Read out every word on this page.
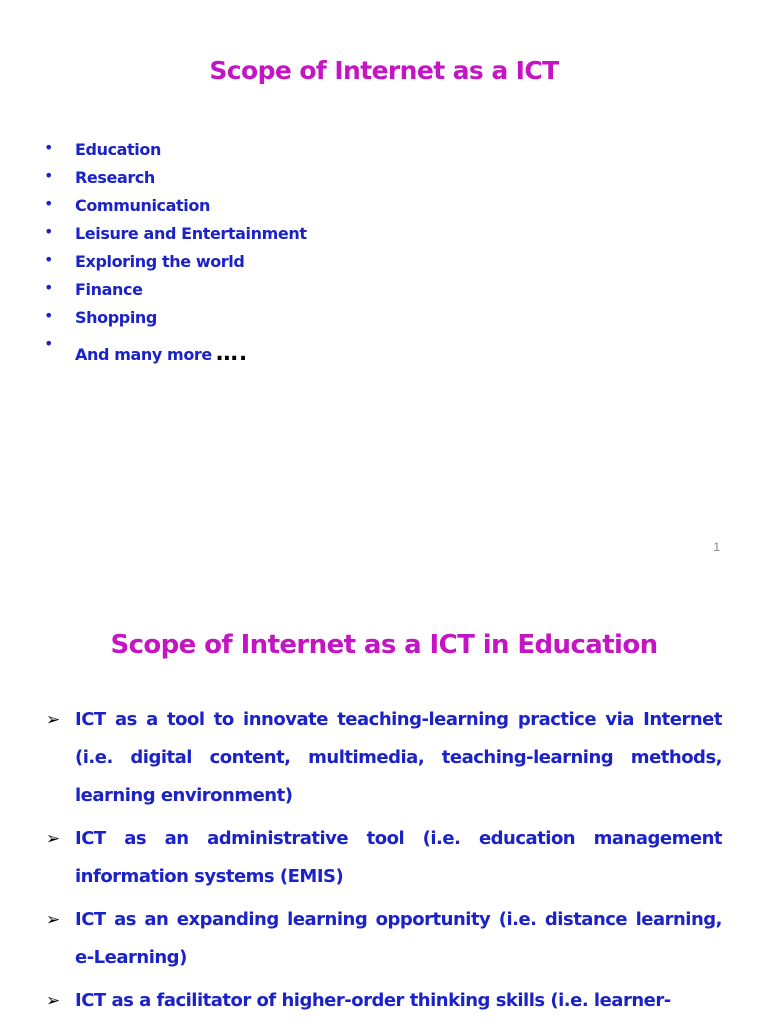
Scope of Internet as a ICT
• Education
• Research
• Communication
• Leisure and Entertainment
• Exploring the world
• Finance
• Shopping
•
And many more ….
1
Scope of Internet as a ICT in Education
➢ ICT as a tool to innovate teaching-learning practice via Internet (i.e. digital content, multimedia, teaching-learning methods, learning environment)
➢ ICT as an administrative tool (i.e. education management information systems (EMIS)
➢ ICT as an expanding learning opportunity (i.e. distance learning, e-Learning)
➢ ICT as a facilitator of higher-order thinking skills (i.e. learner-
